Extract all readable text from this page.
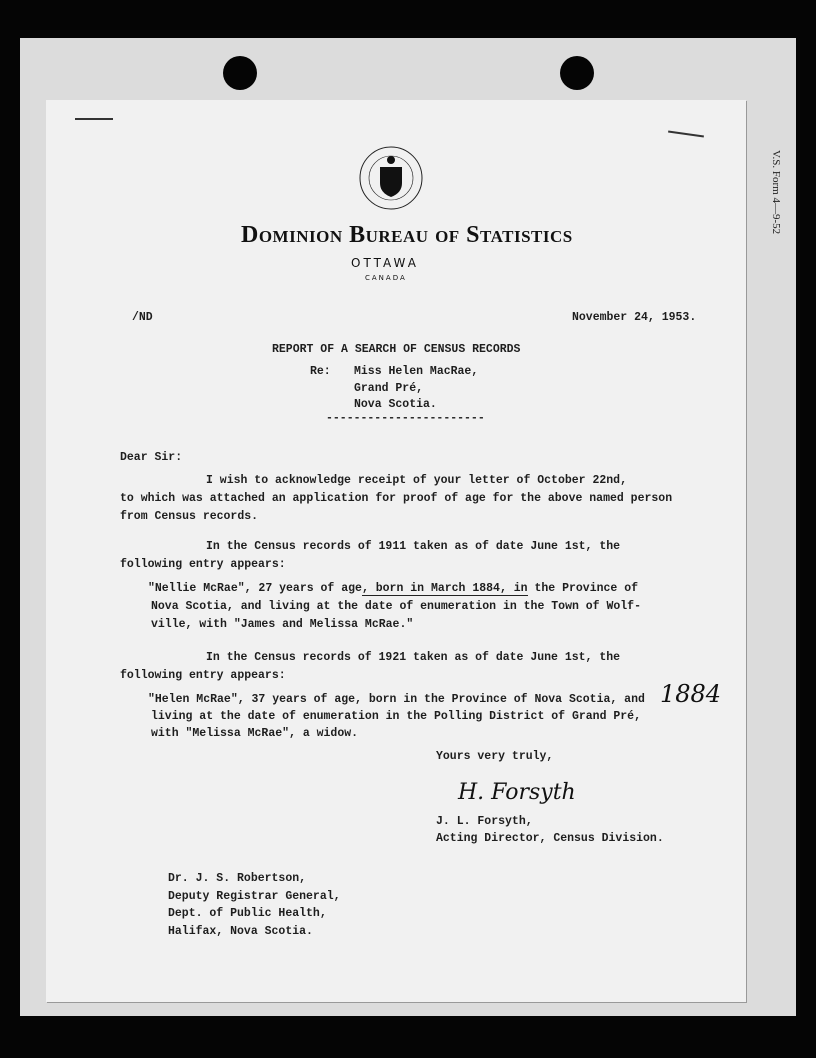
V.S. Form 4—9-52
Dominion Bureau of Statistics
OTTAWA
CANADA
/ND	November 24, 1953.
REPORT OF A SEARCH OF CENSUS RECORDS
Re: Miss Helen MacRae,
Grand Pré,
Nova Scotia.
-----------------------
Dear Sir:
I wish to acknowledge receipt of your letter of October 22nd,
to which was attached an application for proof of age for the above named person
from Census records.
In the Census records of 1911 taken as of date June 1st, the
following entry appears:
"Nellie McRae", 27 years of age, born in March 1884, in the Province of
Nova Scotia, and living at the date of enumeration in the Town of Wolf-
ville, with "James and Melissa McRae."
In the Census records of 1921 taken as of date June 1st, the
following entry appears:
"Helen McRae", 37 years of age, born in the Province of Nova Scotia, and
living at the date of enumeration in the Polling District of Grand Pré,
with "Melissa McRae", a widow.
1884
Yours very truly,
H. Forsyth
J. L. Forsyth,
Acting Director, Census Division.
Dr. J. S. Robertson,
Deputy Registrar General,
Dept. of Public Health,
Halifax, Nova Scotia.
